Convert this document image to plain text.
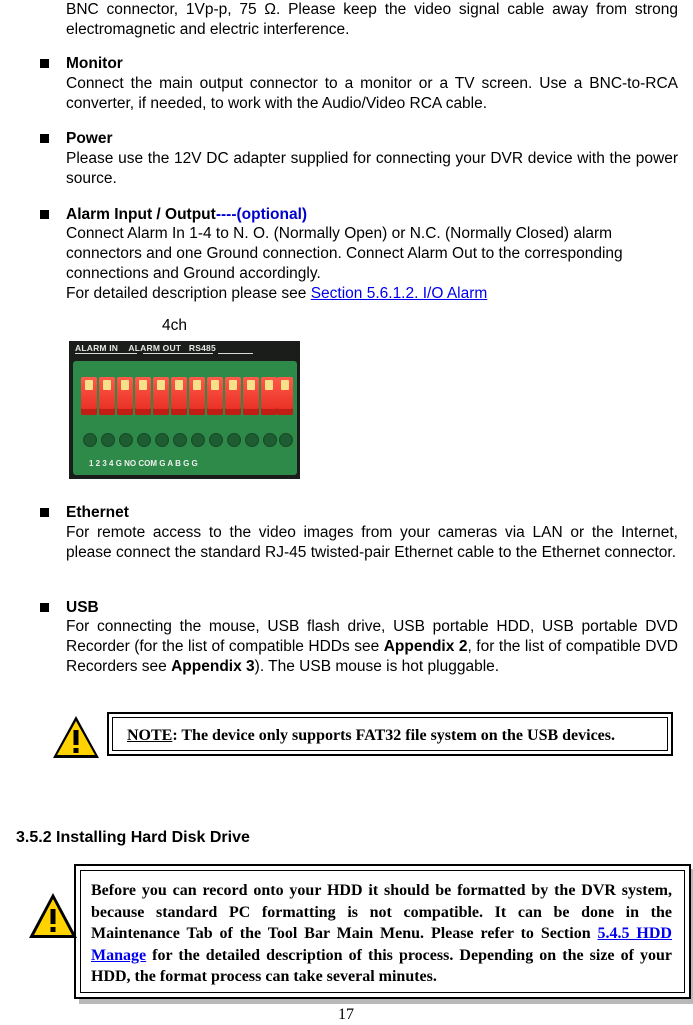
BNC connector, 1Vp-p, 75 Ω. Please keep the video signal cable away from strong electromagnetic and electric interference.

Monitor

Connect the main output connector to a monitor or a TV screen. Use a BNC-to-RCA converter, if needed, to work with the Audio/Video RCA cable.

Power

Please use the 12V DC adapter supplied for connecting your DVR device with the power source.

Alarm Input / Output----(optional)

Connect Alarm In 1-4 to N. O. (Normally Open) or N.C. (Normally Closed) alarm connectors and one Ground connection. Connect Alarm Out to the corresponding connections and Ground accordingly.

For detailed description please see Section 5.6.1.2. I/O Alarm

4ch
ALARM IN ALARM OUT RS485
1 2 3 4 G NO COM G A B G G
Ethernet

For remote access to the video images from your cameras via LAN or the Internet, please connect the standard RJ-45 twisted-pair Ethernet cable to the Ethernet connector.

USB

For connecting the mouse, USB flash drive, USB portable HDD, USB portable DVD Recorder (for the list of compatible HDDs see Appendix 2, for the list of compatible DVD Recorders see Appendix 3). The USB mouse is hot pluggable.

NOTE: The device only supports FAT32 file system on the USB devices.
3.5.2 Installing Hard Disk Drive
Before you can record onto your HDD it should be formatted by the DVR system, because standard PC formatting is not compatible. It can be done in the Maintenance Tab of the Tool Bar Main Menu. Please refer to Section 5.4.5 HDD Manage for the detailed description of this process. Depending on the size of your HDD, the format process can take several minutes.
17
